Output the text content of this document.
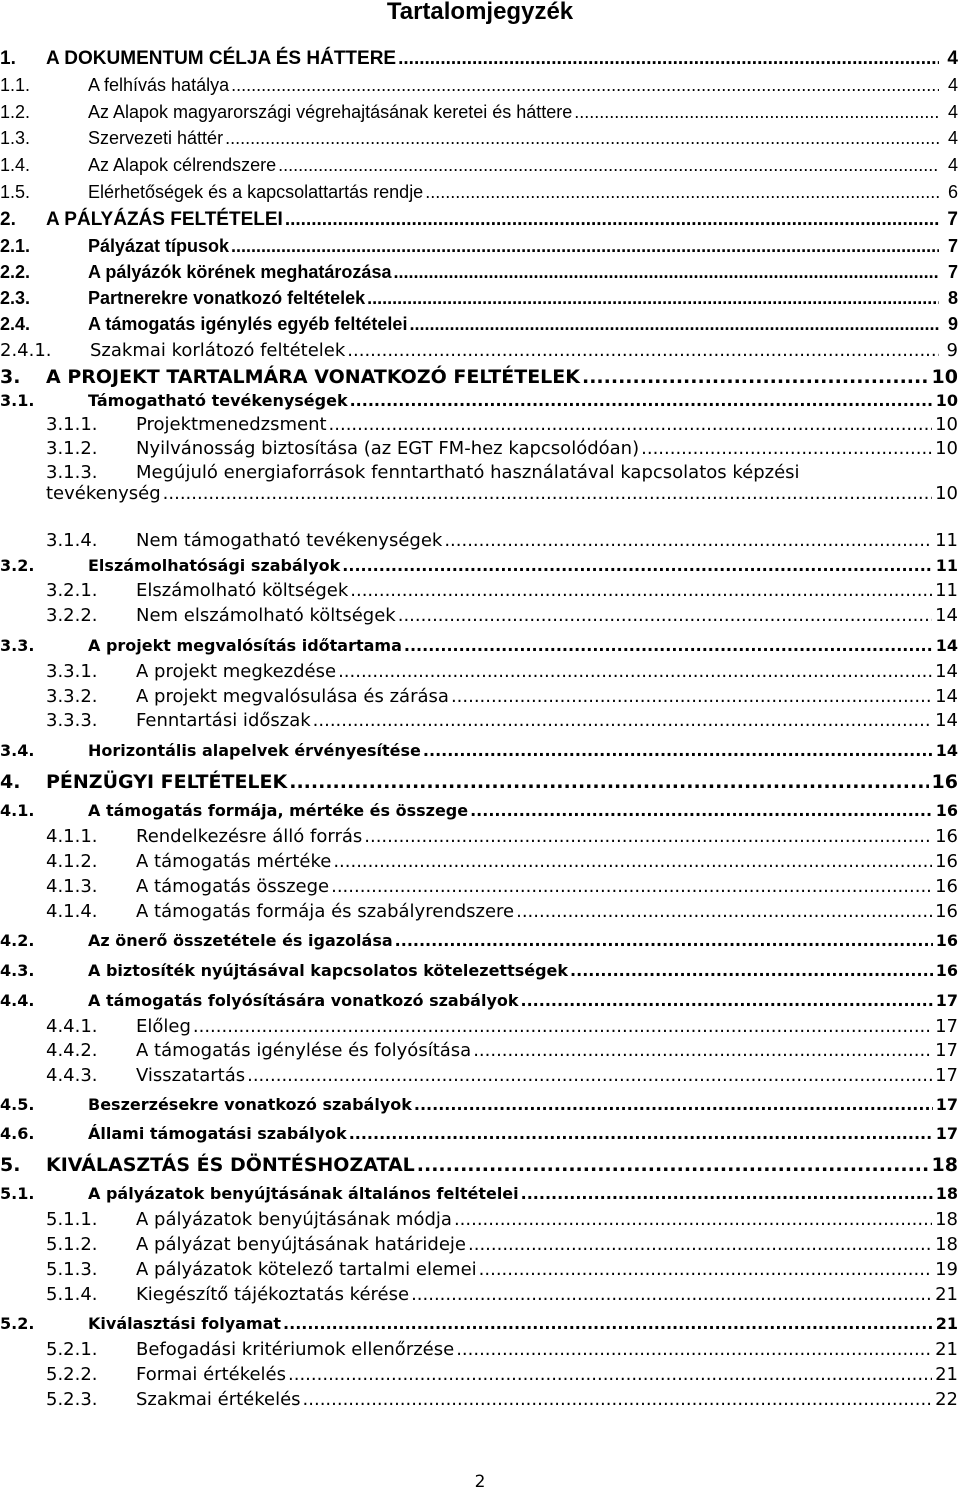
Tartalomjegyzék
1.	A DOKUMENTUM CÉLJA ÉS HÁTTERE .....	4
1.1.	A felhívás hatálya .....	4
1.2.	Az Alapok magyarországi végrehajtásának keretei és háttere .....	4
1.3.	Szervezeti háttér .....	4
1.4.	Az Alapok célrendszere .....	4
1.5.	Elérhetőségek és a kapcsolattartás rendje .....	6
2.	A PÁLYÁZÁS FELTÉTELEI .....	7
2.1.	Pályázat típusok .....	7
2.2.	A pályázók körének meghatározása .....	7
2.3.	Partnerekre vonatkozó feltételek .....	8
2.4.	A támogatás igénylés egyéb feltételei .....	9
2.4.1.	Szakmai korlátozó feltételek .....	9
3.	A PROJEKT TARTALMÁRA VONATKOZÓ FELTÉTELEK .....	10
3.1.	Támogatható tevékenységek .....	10
3.1.1.	Projektmenedzsment .....	10
3.1.2.	Nyilvánosság biztosítása (az EGT FM-hez kapcsolódóan) .....	10
3.1.3.	Megújuló energiaforrások fenntartható használatával kapcsolatos képzési
tevékenység .....	10
3.1.4.	Nem támogatható tevékenységek .....	11
3.2.	Elszámolhatósági szabályok .....	11
3.2.1.	Elszámolható költségek .....	11
3.2.2.	Nem elszámolható költségek .....	14
3.3.	A projekt megvalósítás időtartama .....	14
3.3.1.	A projekt megkezdése .....	14
3.3.2.	A projekt megvalósulása és zárása .....	14
3.3.3.	Fenntartási időszak .....	14
3.4.	Horizontális alapelvek érvényesítése .....	14
4.	PÉNZÜGYI FELTÉTELEK .....	16
4.1.	A támogatás formája, mértéke és összege .....	16
4.1.1.	Rendelkezésre álló forrás .....	16
4.1.2.	A támogatás mértéke .....	16
4.1.3.	A támogatás összege .....	16
4.1.4.	A támogatás formája és szabályrendszere .....	16
4.2.	Az önerő összetétele és igazolása .....	16
4.3.	A biztosíték nyújtásával kapcsolatos kötelezettségek .....	16
4.4.	A támogatás folyósítására vonatkozó szabályok .....	17
4.4.1.	Előleg .....	17
4.4.2.	A támogatás igénylése és folyósítása .....	17
4.4.3.	Visszatartás .....	17
4.5.	Beszerzésekre vonatkozó szabályok .....	17
4.6.	Állami támogatási szabályok .....	17
5.	KIVÁLASZTÁS ÉS DÖNTÉSHOZATAL .....	18
5.1.	A pályázatok benyújtásának általános feltételei .....	18
5.1.1.	A pályázatok benyújtásának módja .....	18
5.1.2.	A pályázat benyújtásának határideje .....	18
5.1.3.	A pályázatok kötelező tartalmi elemei .....	19
5.1.4.	Kiegészítő tájékoztatás kérése .....	21
5.2.	Kiválasztási folyamat .....	21
5.2.1.	Befogadási kritériumok ellenőrzése .....	21
5.2.2.	Formai értékelés .....	21
5.2.3.	Szakmai értékelés .....	22
2
